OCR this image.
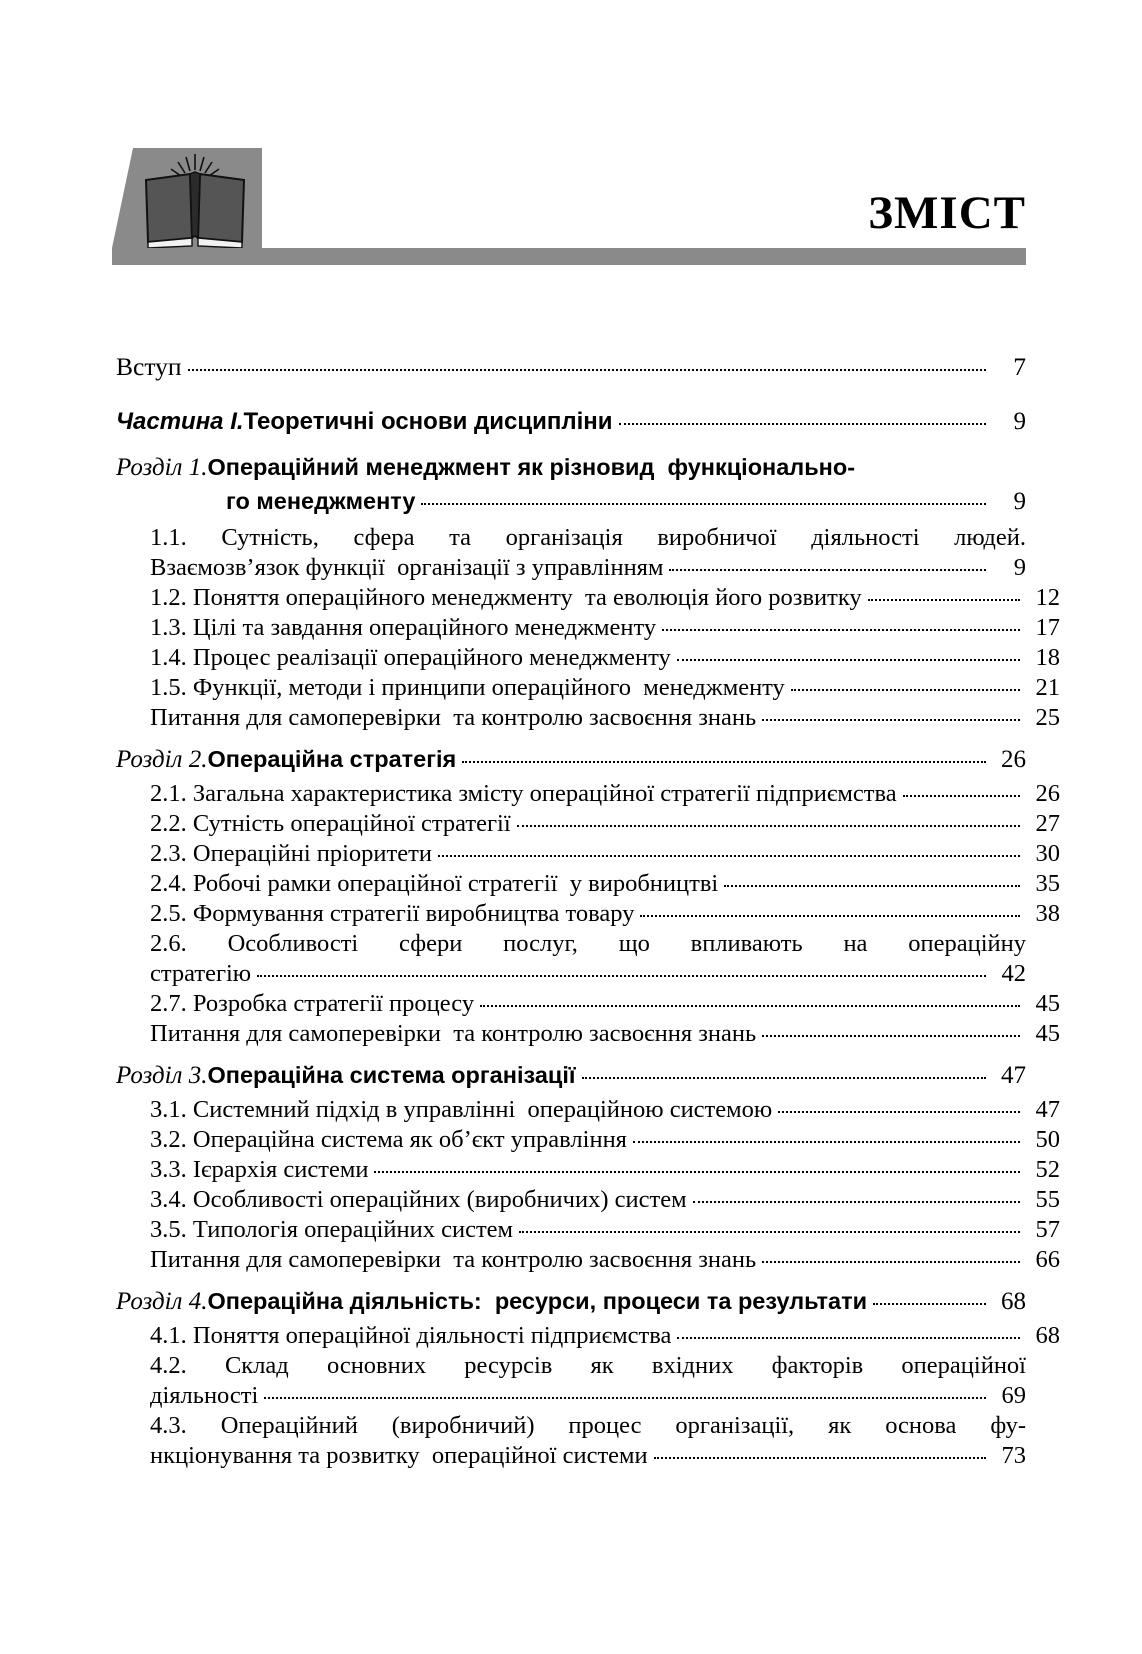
ЗМІСТ
Вступ	7
Частина I.Теоретичні основи дисципліни	9
Розділ 1.Операційний менеджмент як різновид  функціонально-
го менеджменту	9
1.1. Сутність, сфера та організація виробничої діяльності людей.
Взаємозв’язок функції  організації з управлінням	9
1.2. Поняття операційного менеджменту  та еволюція його розвитку	12
1.3. Цілі та завдання операційного менеджменту	17
1.4. Процес реалізації операційного менеджменту	18
1.5. Функції, методи і принципи операційного  менеджменту	21
Питання для самоперевірки  та контролю засвоєння знань	25
Розділ 2.Операційна стратегія	26
2.1. Загальна характеристика змісту операційної стратегії підприємства	26
2.2. Сутність операційної стратегії	27
2.3. Операційні пріоритети	30
2.4. Робочі рамки операційної стратегії  у виробництві	35
2.5. Формування стратегії виробництва товару	38
2.6. Особливості сфери послуг, що впливають на операційну
стратегію	42
2.7. Розробка стратегії процесу	45
Питання для самоперевірки  та контролю засвоєння знань	45
Розділ 3.Операційна система організації	47
3.1. Системний підхід в управлінні  операційною системою	47
3.2. Операційна система як об’єкт управління	50
3.3. Ієрархія системи	52
3.4. Особливості операційних (виробничих) систем	55
3.5. Типологія операційних систем	57
Питання для самоперевірки  та контролю засвоєння знань	66
Розділ 4.Операційна діяльність:  ресурси, процеси та результати	68
4.1. Поняття операційної діяльності підприємства	68
4.2. Склад основних ресурсів як вхідних факторів операційної
діяльності	69
4.3. Операційний (виробничий) процес організації, як основа фу-
нкціонування та розвитку  операційної системи	73
